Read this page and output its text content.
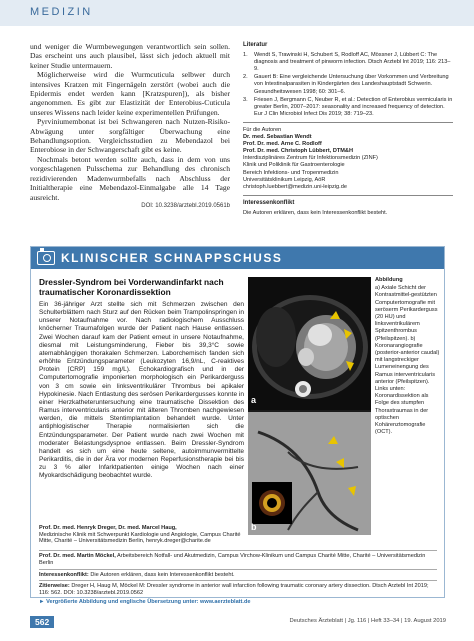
MEDIZIN

und weniger die Wurmbewegungen verantwortlich sein sollen. Das erscheint uns auch plausibel, lässt sich jedoch aktuell mit keiner Studie untermauern.

Möglicherweise wird die Wurmcuticula selbwer durch intensives Kratzen mit Fingernägeln zerstört (wobei auch die Epidermis endet werden kann [Kratzspuren]), als bisher angenommen. Es gibt zur Elastizität der Enterobius-Cuticula unseres Wissens nach leider keine experimentellen Prüfungen.

Pyrviniumembonat ist bei Schwangeren nach Nutzen-Risiko-Abwägung unter sorgfältiger Überwachung eine Behandlungsoption. Vergleichsstudien zu Mebendazol bei Enterobiose in der Schwangerschaft gibt es keine.

Nochmals betont werden sollte auch, dass in dem von uns vorgeschlagenen Pulsschema zur Behandlung des chronisch rezidivierenden Madenwurmbefalls nach Abschluss der Initialtherapie eine Mebendazol-Einmalgabe alle 14 Tage ausreicht.

DOI: 10.3238/arztebl.2019.0561b
Literatur
1.	Wendt S, Trawinski H, Schubert S, Rodloff AC, Mössner J, Lübbert C: The diagnosis and treatment of pinworm infection. Dtsch Arztebl Int 2019; 116: 213–9.
2.	Gauert B: Eine vergleichende Untersuchung über Vorkommen und Verbreitung von Intestinalparasiten in Kindergärten des Landeshauptstadt Schwerin. Gesundheitswesen 1998; 60: 301–6.
3.	Friesen J, Bergmann C, Neuber R, et al.: Detection of Enterobius vermicularis in greater Berlin, 2007–2017: seasonality and increased frequency of detection. Eur J Clin Microbiol Infect Dis 2019; 38: 719–23.
Für die Autoren
Dr. med. Sebastian Wendt
Prof. Dr. med. Arne C. Rodloff
Prof. Dr. med. Christoph Lübbert, DTM&H
Interdisziplinäres Zentrum für Infektionsmedizin (ZINF)
Klinik und Poliklinik für Gastroenterologie
Bereich Infektions- und Tropenmedizin
Universitätsklinikum Leipzig, AöR
christoph.luebbert@medizin.uni-leipzig.de
Interessenkonflikt
Die Autoren erklären, dass kein Interessenkonflikt besteht.
KLINISCHER SCHNAPPSCHUSS
Dressler-Syndrom bei Vorderwandinfarkt nach traumatischer Koronardissektion
Ein 36-jähriger Arzt stellte sich mit Schmerzen zwischen den Schulterblättern nach Sturz auf den Rücken beim Trampolinspringen in unserer Notaufnahme vor. Nach radiologischem Ausschluss knöcherner Traumafolgen wurde der Patient nach Hause entlassen. Zwei Wochen darauf kam der Patient erneut in unsere Notaufnahme, diesmal mit Leistungsminderung, Fieber bis 39,3°C sowie atemabhängigen thorakalen Schmerzen. Laborchemisch fanden sich erhöhte Entzündungsparameter (Leukozyten 16,9/nL, C-reaktives Protein [CRP] 159 mg/L). Echokardiografisch und in der Computertomografie imponierten morphologisch ein Perikarderguss von 3 cm sowie ein linksventrikulärer Thrombus bei apikaler Hypokinesie. Nach Entlastung des serösen Perikardergusses konnte in einer Herzkatheteruntersuchung eine traumatische Dissektion des Ramus interventricularis anterior mit älteren Thromben nachgewiesen werden, die mittels Stentimplantation behandelt wurde. Unter antiphlogistischer Therapie normalisierten sich die Entzündungsparameter. Der Patient wurde nach zwei Wochen mit moderater Belastungsdyspnoe entlassen. Beim Dressler-Syndrom handelt es sich um eine heute seltene, autoimmunvermittelte Perikarditis, die in der Ära vor modernen Reperfusionstherapie bei bis zu 3 % aller Infarktpatienten einige Wochen nach einer Myokardschädigung beobachtet wurde.
a
b
Abbildung
a) Axiale Schicht der Kontrastmittel-gestützten Computertomografie mit seröserm Perikarderguss (20 HU) und linksventrikulärem Spitzenthrombus (Pfeilspitzen). b) Koronarangiografie (posterior-anterior caudal) mit langstreckiger Lumeneinengung des Ramus interventricularis anterior (Pfeilspitzen). Links unten: Koronardissektion als Folge des stumpfen Thoraxtraumas in der optischen Kohärenztomografie (OCT).
Prof. Dr. med. Henryk Dreger, Dr. med. Marcel Haug,
Medizinische Klinik mit Schwerpunkt Kardiologie und Angiologie, Campus Charité Mitte, Charité – Universitätsmedizin Berlin, henryk.dreger@charite.de
Prof. Dr. med. Martin Möckel, Arbeitsbereich Notfall- und Akutmedizin, Campus Virchow-Klinikum und Campus Charité Mitte, Charité – Universitätsmedizin Berlin
Interessenkonflikt: Die Autoren erklären, dass kein Interessenkonflikt besteht.
Zitierweise: Dreger H, Haug M, Möckel M: Dressler syndrome in anterior wall infarction following traumatic coronary artery dissection. Dtsch Arztebl Int 2019; 116: 562. DOI: 10.3238/arztebl.2019.0562
► Vergrößerte Abbildung und englische Übersetzung unter: www.aerzteblatt.de
562	Deutsches Ärzteblatt | Jg. 116 | Heft 33–34 | 19. August 2019
